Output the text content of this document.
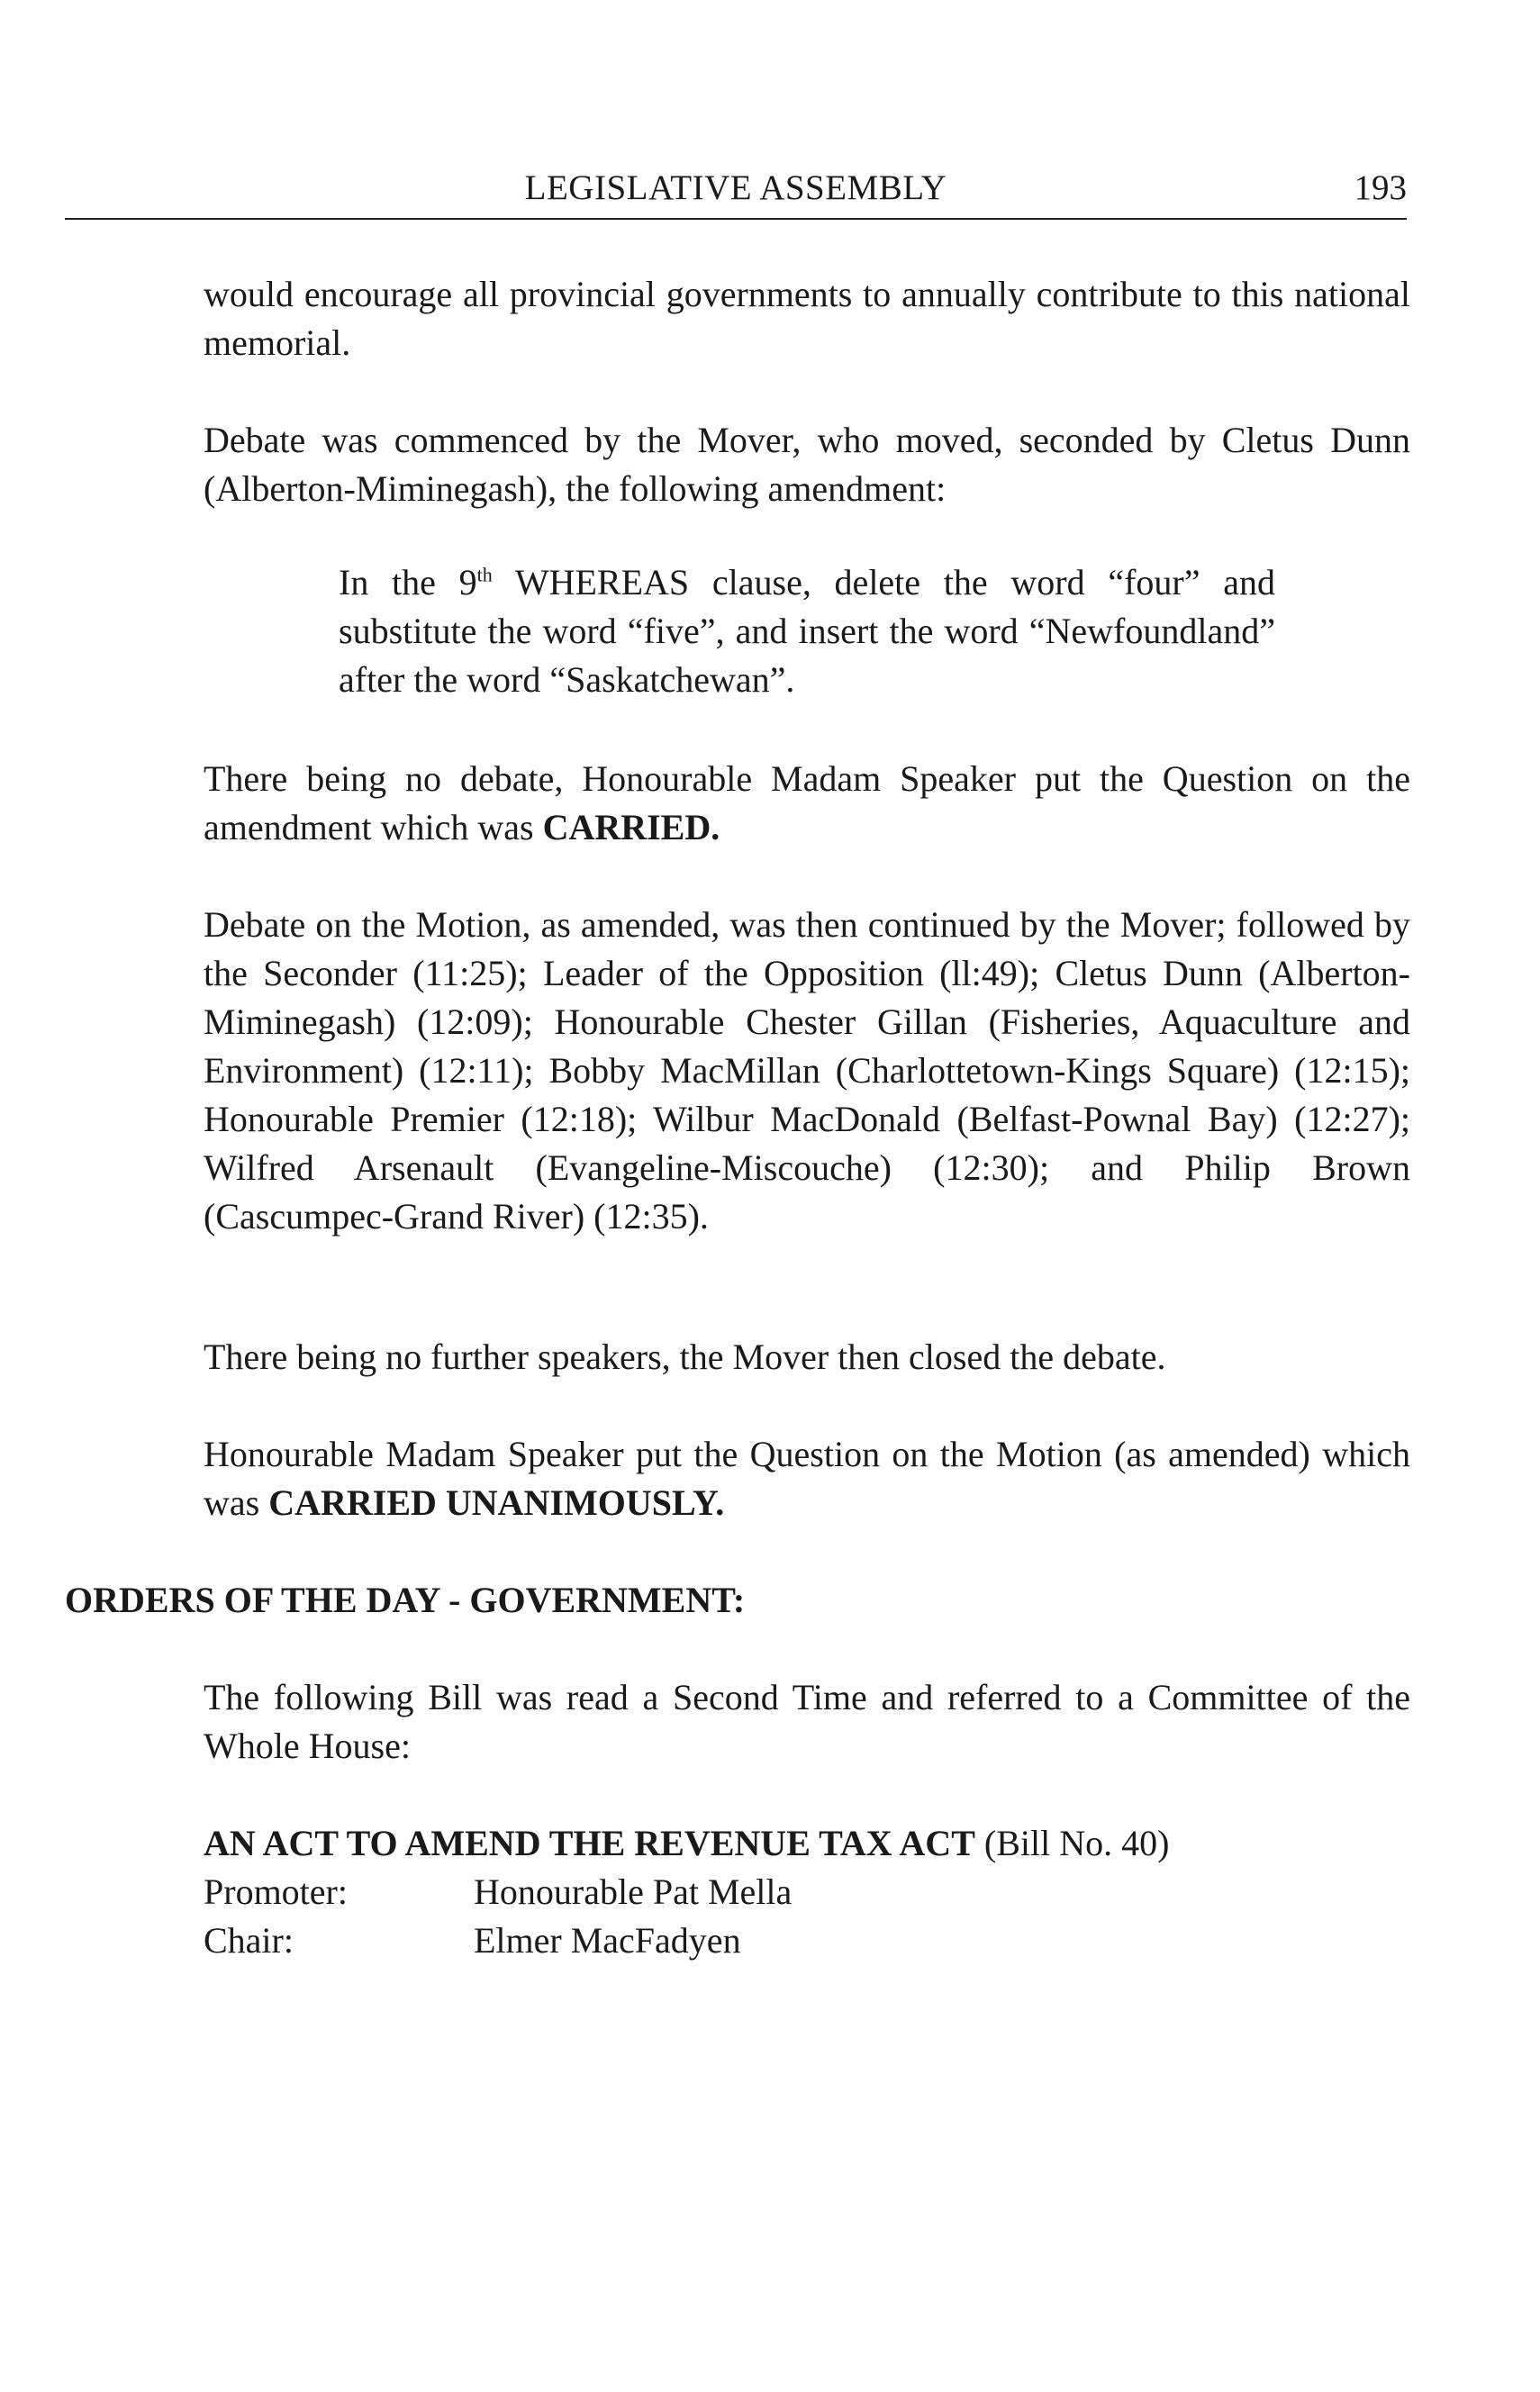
LEGISLATIVE ASSEMBLY	193

would encourage all provincial governments to annually contribute to this national memorial.

Debate was commenced by the Mover, who moved, seconded by Cletus Dunn (Alberton-Miminegash), the following amendment:

In the 9th WHEREAS clause, delete the word “four” and substitute the word “five”, and insert the word “Newfoundland” after the word “Saskatchewan”.

There being no debate, Honourable Madam Speaker put the Question on the amendment which was CARRIED.

Debate on the Motion, as amended, was then continued by the Mover; followed by the Seconder (11:25); Leader of the Opposition (ll:49); Cletus Dunn (Alberton-Miminegash) (12:09); Honourable Chester Gillan (Fisheries, Aquaculture and Environment) (12:11); Bobby MacMillan (Charlottetown-Kings Square) (12:15); Honourable Premier (12:18); Wilbur MacDonald (Belfast-Pownal Bay) (12:27); Wilfred Arsenault (Evangeline-Miscouche) (12:30); and Philip Brown (Cascumpec-Grand River) (12:35).

There being no further speakers, the Mover then closed the debate.

Honourable Madam Speaker put the Question on the Motion (as amended) which was CARRIED UNANIMOUSLY.

ORDERS OF THE DAY - GOVERNMENT:

The following Bill was read a Second Time and referred to a Committee of the Whole House:

AN ACT TO AMEND THE REVENUE TAX ACT (Bill No. 40)
Promoter:	Honourable Pat Mella
Chair:	Elmer MacFadyen
